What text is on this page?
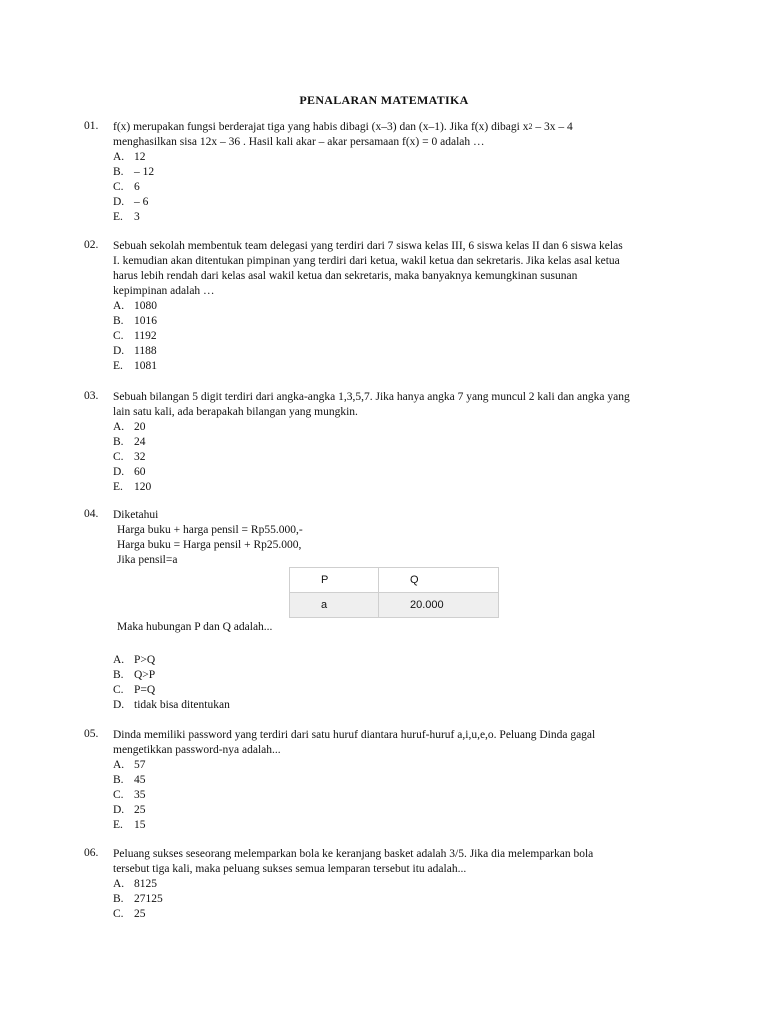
PENALARAN MATEMATIKA
01. f(x) merupakan fungsi berderajat tiga yang habis dibagi (x–3) dan (x–1). Jika f(x) dibagi $x^2 - 3x - 4$
menghasilkan sisa 12x – 36 . Hasil kali akar – akar persamaan f(x) = 0 adalah …
A. 12
B. – 12
C. 6
D. – 6
E. 3
02. Sebuah sekolah membentuk team delegasi yang terdiri dari 7 siswa kelas III, 6 siswa kelas II dan 6 siswa kelas
I. kemudian akan ditentukan pimpinan yang terdiri dari ketua, wakil ketua dan sekretaris. Jika kelas asal ketua
harus lebih rendah dari kelas asal wakil ketua dan sekretaris, maka banyaknya kemungkinan susunan
kepimpinan adalah …
A. 1080
B. 1016
C. 1192
D. 1188
E. 1081
03. Sebuah bilangan 5 digit terdiri dari angka-angka 1,3,5,7. Jika hanya angka 7 yang muncul 2 kali dan angka yang
lain satu kali, ada berapakah bilangan yang mungkin.
A. 20
B. 24
C. 32
D. 60
E. 120
04. Diketahui
Harga buku + harga pensil = Rp55.000,-
Harga buku = Harga pensil + Rp25.000,
Jika pensil=a
P	Q
a	20.000
Maka hubungan P dan Q adalah...
A. P>Q
B. Q>P
C. P=Q
D. tidak bisa ditentukan
05. Dinda memiliki password yang terdiri dari satu huruf diantara huruf-huruf a,i,u,e,o. Peluang Dinda gagal
mengetikkan password-nya adalah...
A. 57
B. 45
C. 35
D. 25
E. 15
06. Peluang sukses seseorang melemparkan bola ke keranjang basket adalah 3/5. Jika dia melemparkan bola
tersebut tiga kali, maka peluang sukses semua lemparan tersebut itu adalah...
A. 8125
B. 27125
C. 25
